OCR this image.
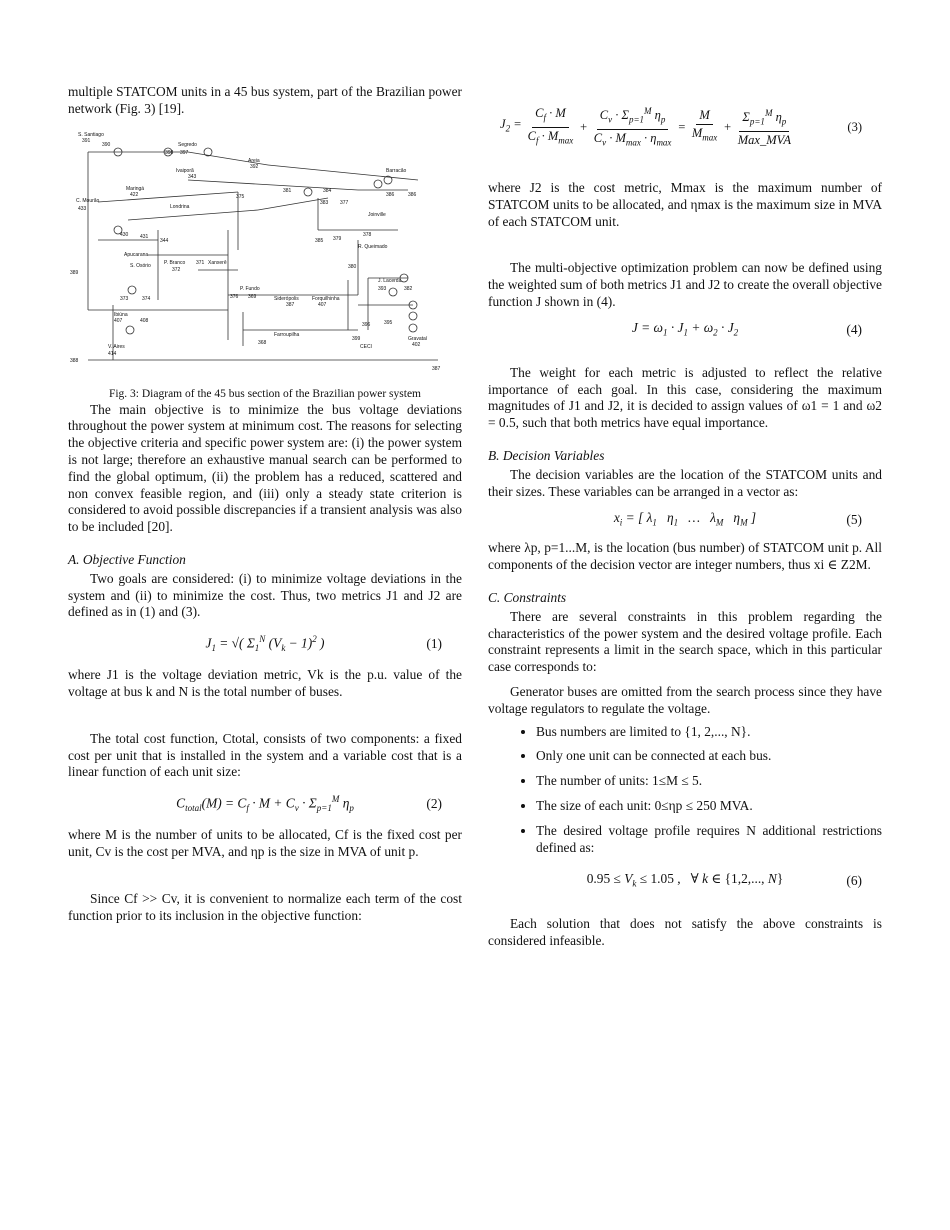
multiple STATCOM units in a 45 bus system, part of the Brazilian power network (Fig. 3) [19].

S. Santiago
391
390	Segredo
398 397
Areia
392
Ivaiporã
343
Barracão
Maringá
422
C. Mourão
433	Londrina
375
381	384
383 377
386	386
Joinville
430 431
344	385 379
378
Apucarana
R. Queimado
S. Osório	P. Branco 371 Xanxerê
372	380
389
J. Lacerda
393	382
373	374
P. Fundo
376 369	Siderópolis	Forquilhinha
387	407
Ibiúna
407	408
Farroupilha
396	395
368
399
CECI
Gravataí
402
V. Aires
414
388
387
Fig. 3: Diagram of the 45 bus section of the Brazilian power system

The main objective is to minimize the bus voltage deviations throughout the power system at minimum cost. The reasons for selecting the objective criteria and specific power system are: (i) the power system is not large; therefore an exhaustive manual search can be performed to find the global optimum, (ii) the problem has a reduced, scattered and non convex feasible region, and (iii) only a steady state criterion is considered to avoid possible discrepancies if a transient analysis was also to be included [20].

A. Objective Function

Two goals are considered: (i) to minimize voltage deviations in the system and (ii) to minimize the cost. Thus, two metrics J1 and J2 are defined as in (1) and (3).

$J_1$ = √( $\Sigma_1^N$ $(V_k - 1)^2$ )	(1)

where J1 is the voltage deviation metric, Vk is the p.u. value of the voltage at bus k and N is the total number of buses.

The total cost function, Ctotal, consists of two components: a fixed cost per unit that is installed in the system and a variable cost that is a linear function of each unit size:

$C_{total}(M) = C_f \cdot M + C_v \cdot \Sigma_{p=1}^M$ $\eta_p$	(2)

where M is the number of units to be allocated, Cf is the fixed cost per unit, Cv is the cost per MVA, and ηp is the size in MVA of unit p.

Since Cf >> Cv, it is convenient to normalize each term of the cost function prior to its inclusion in the objective function:

$J_2 = \frac{C_f \cdot M}{C_f \cdot M_{max}} + \frac{C_v \cdot \Sigma_{p=1}^M \eta_p}{C_v \cdot M_{max} \cdot \eta_{max}} = \frac{M}{M_{max}} + \frac{\Sigma_{p=1}^M \eta_p}{\text{Max\_MVA}}$	(3)

where J2 is the cost metric, Mmax is the maximum number of STATCOM units to be allocated, and ηmax is the maximum size in MVA of each STATCOM unit.

The multi-objective optimization problem can now be defined using the weighted sum of both metrics J1 and J2 to create the overall objective function J shown in (4).

$J = \omega_1 \cdot J_1 + \omega_2 \cdot J_2$	(4)

The weight for each metric is adjusted to reflect the relative importance of each goal. In this case, considering the maximum magnitudes of J1 and J2, it is decided to assign values of ω1 = 1 and ω2 = 0.5, such that both metrics have equal importance.

B. Decision Variables

The decision variables are the location of the STATCOM units and their sizes. These variables can be arranged in a vector as:

$x_i$ = [ $\lambda_1$   $\eta_1$   …   $\lambda_M$   $\eta_M$ ]	(5)

where λp, p=1...M, is the location (bus number) of STATCOM unit p. All components of the decision vector are integer numbers, thus xi ∈ Z2M.

C. Constraints

There are several constraints in this problem regarding the characteristics of the power system and the desired voltage profile. Each constraint represents a limit in the search space, which in this particular case corresponds to:

Generator buses are omitted from the search process since they have voltage regulators to regulate the voltage.

• Bus numbers are limited to {1, 2,..., N}.
• Only one unit can be connected at each bus.
• The number of units: 1≤M ≤ 5.
• The size of each unit: 0≤ηp ≤ 250 MVA.
• The desired voltage profile requires N additional restrictions defined as:
$0.95 \le V_k \le 1.05$ ,   ∀ k ∈ {1,2,..., N}	(6)

Each solution that does not satisfy the above constraints is considered infeasible.
